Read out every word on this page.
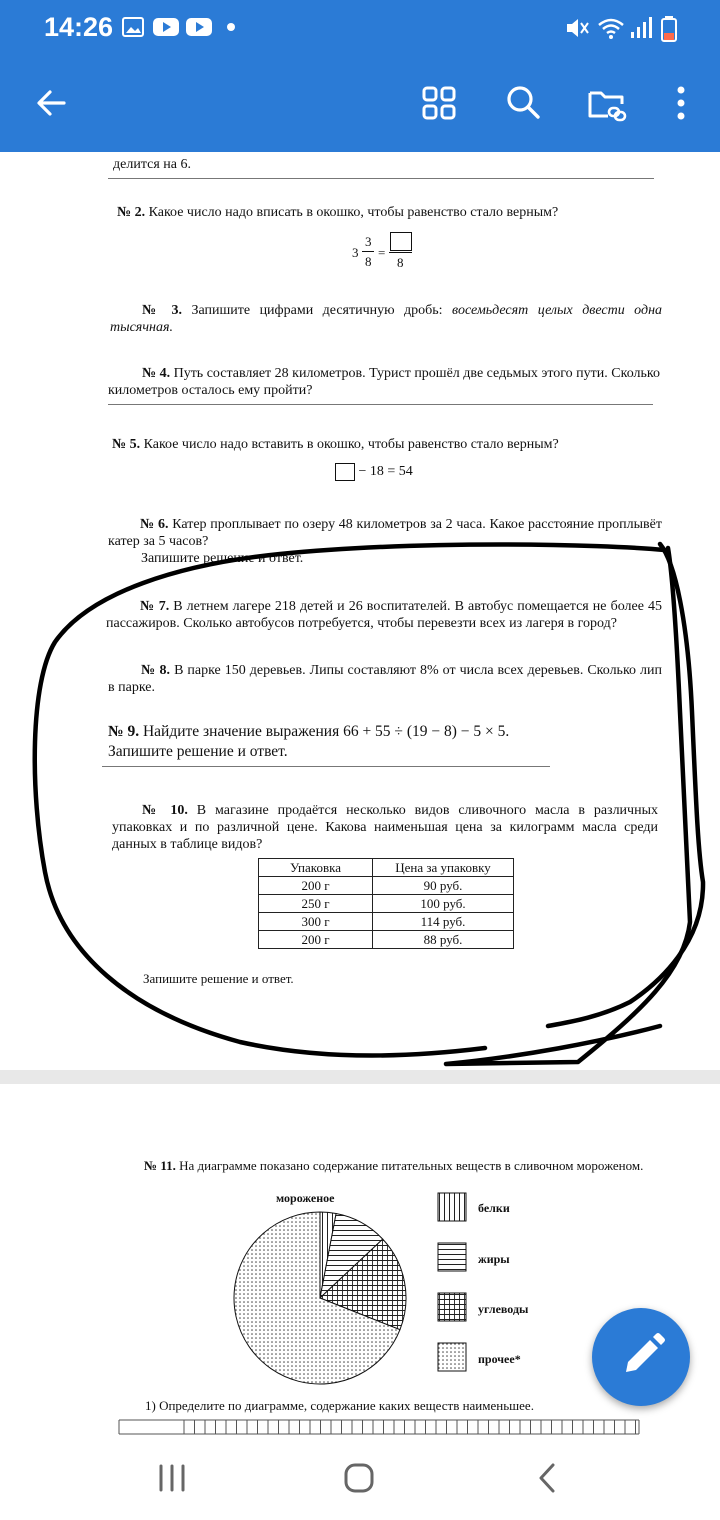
14:26
делится на 6.
№ 2. Какое число надо вписать в окошко, чтобы равенство стало верным?
3
3
8
=
8
№ 3. Запишите цифрами десятичную дробь: восемьдесят целых двести одна тысячная.
№ 4. Путь составляет 28 километров. Турист прошёл две седьмых этого пути. Сколько километров осталось ему пройти?
№ 5. Какое число надо вставить в окошко, чтобы равенство стало верным?
− 18 = 54
№ 6. Катер проплывает по озеру 48 километров за 2 часа. Какое расстояние проплывёт катер за 5 часов?
Запишите решение и ответ.
№ 7. В летнем лагере 218 детей и 26 воспитателей. В автобус помещается не более 45 пассажиров. Сколько автобусов потребуется, чтобы перевезти всех из лагеря в город?
№ 8. В парке 150 деревьев. Липы составляют 8% от числа всех деревьев. Сколько лип в парке.
№ 9. Найдите значение выражения 66 + 55 ÷ (19 − 8) − 5 × 5.
Запишите решение и ответ.
№ 10. В магазине продаётся несколько видов сливочного масла в различных упаковках и по различной цене. Какова наименьшая цена за килограмм масла среди данных в таблице видов?
Упаковка	Цена за упаковку
200 г	90 руб.
250 г	100 руб.
300 г	114 руб.
200 г	88 руб.
Запишите решение и ответ.
№ 11. На диаграмме показано содержание питательных веществ в сливочном мороженом.
мороженое
белки
жиры
углеводы
прочее*
1) Определите по диаграмме, содержание каких веществ наименьшее.
